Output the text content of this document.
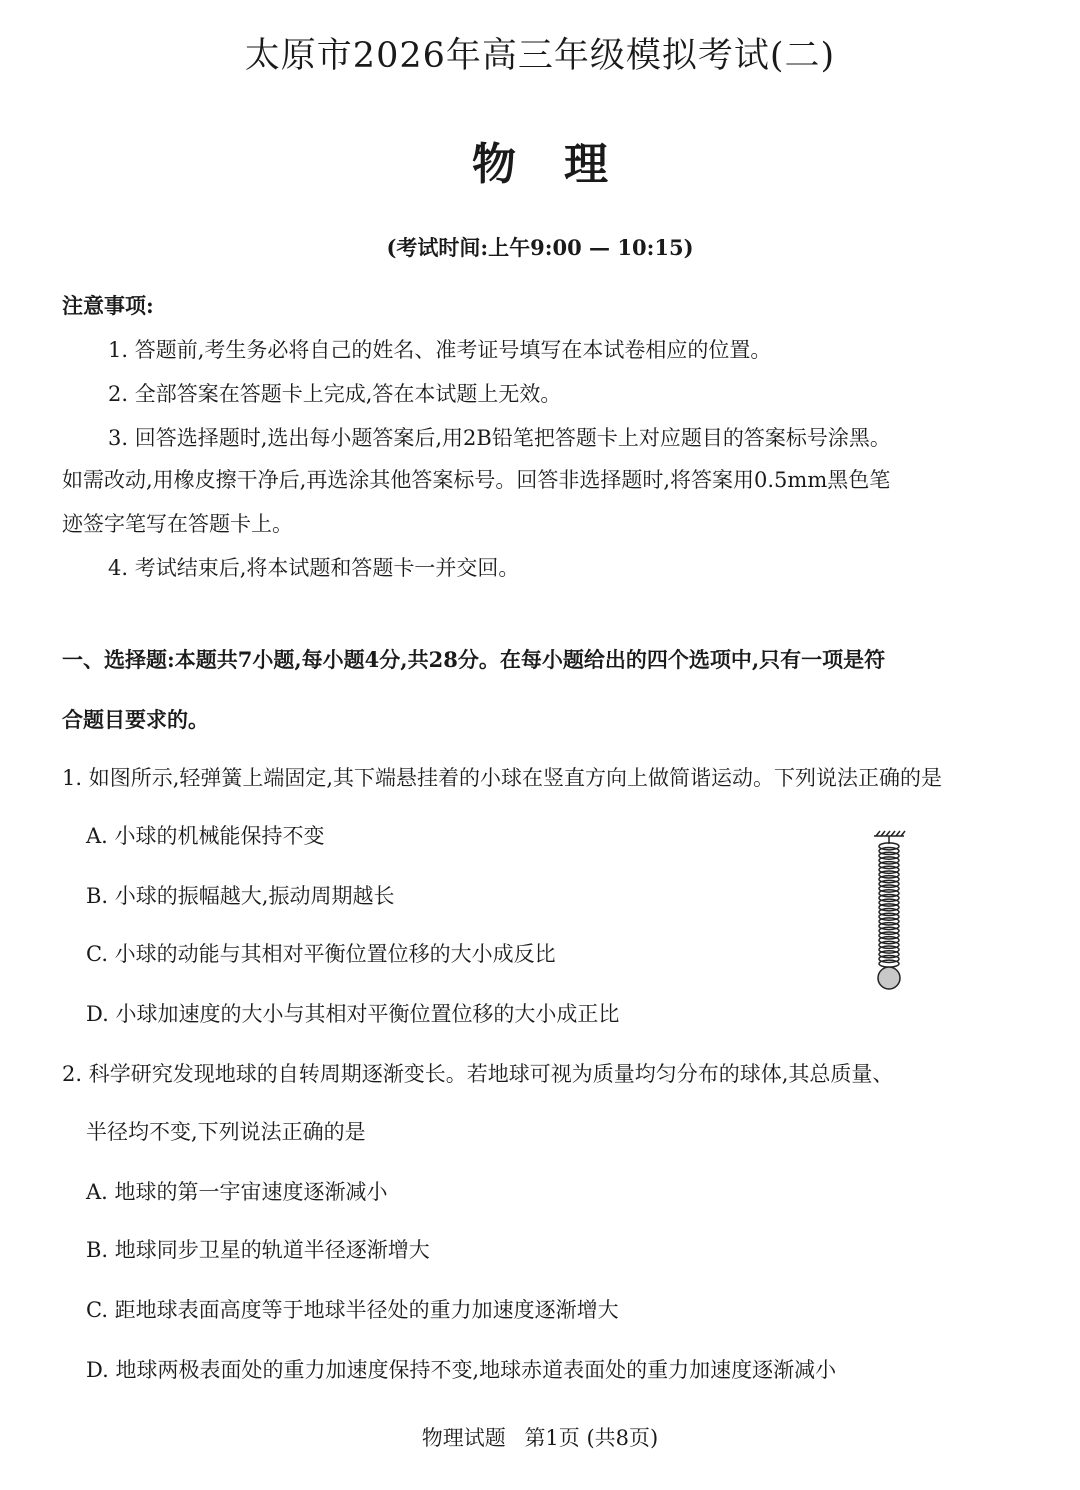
太原市2026年高三年级模拟考试(二)
物理
(考试时间:上午9:00 — 10:15)
注意事项:
1. 答题前,考生务必将自己的姓名、准考证号填写在本试卷相应的位置。
2. 全部答案在答题卡上完成,答在本试题上无效。
3. 回答选择题时,选出每小题答案后,用2B铅笔把答题卡上对应题目的答案标号涂黑。
如需改动,用橡皮擦干净后,再选涂其他答案标号。回答非选择题时,将答案用0.5mm黑色笔
迹签字笔写在答题卡上。
4. 考试结束后,将本试题和答题卡一并交回。
一、选择题:本题共7小题,每小题4分,共28分。在每小题给出的四个选项中,只有一项是符
合题目要求的。
1. 如图所示,轻弹簧上端固定,其下端悬挂着的小球在竖直方向上做简谐运动。下列说法正确的是
A. 小球的机械能保持不变
B. 小球的振幅越大,振动周期越长
C. 小球的动能与其相对平衡位置位移的大小成反比
D. 小球加速度的大小与其相对平衡位置位移的大小成正比
2. 科学研究发现地球的自转周期逐渐变长。若地球可视为质量均匀分布的球体,其总质量、
半径均不变,下列说法正确的是
A. 地球的第一宇宙速度逐渐减小
B. 地球同步卫星的轨道半径逐渐增大
C. 距地球表面高度等于地球半径处的重力加速度逐渐增大
D. 地球两极表面处的重力加速度保持不变,地球赤道表面处的重力加速度逐渐减小
物理试题 第1页 (共8页)
